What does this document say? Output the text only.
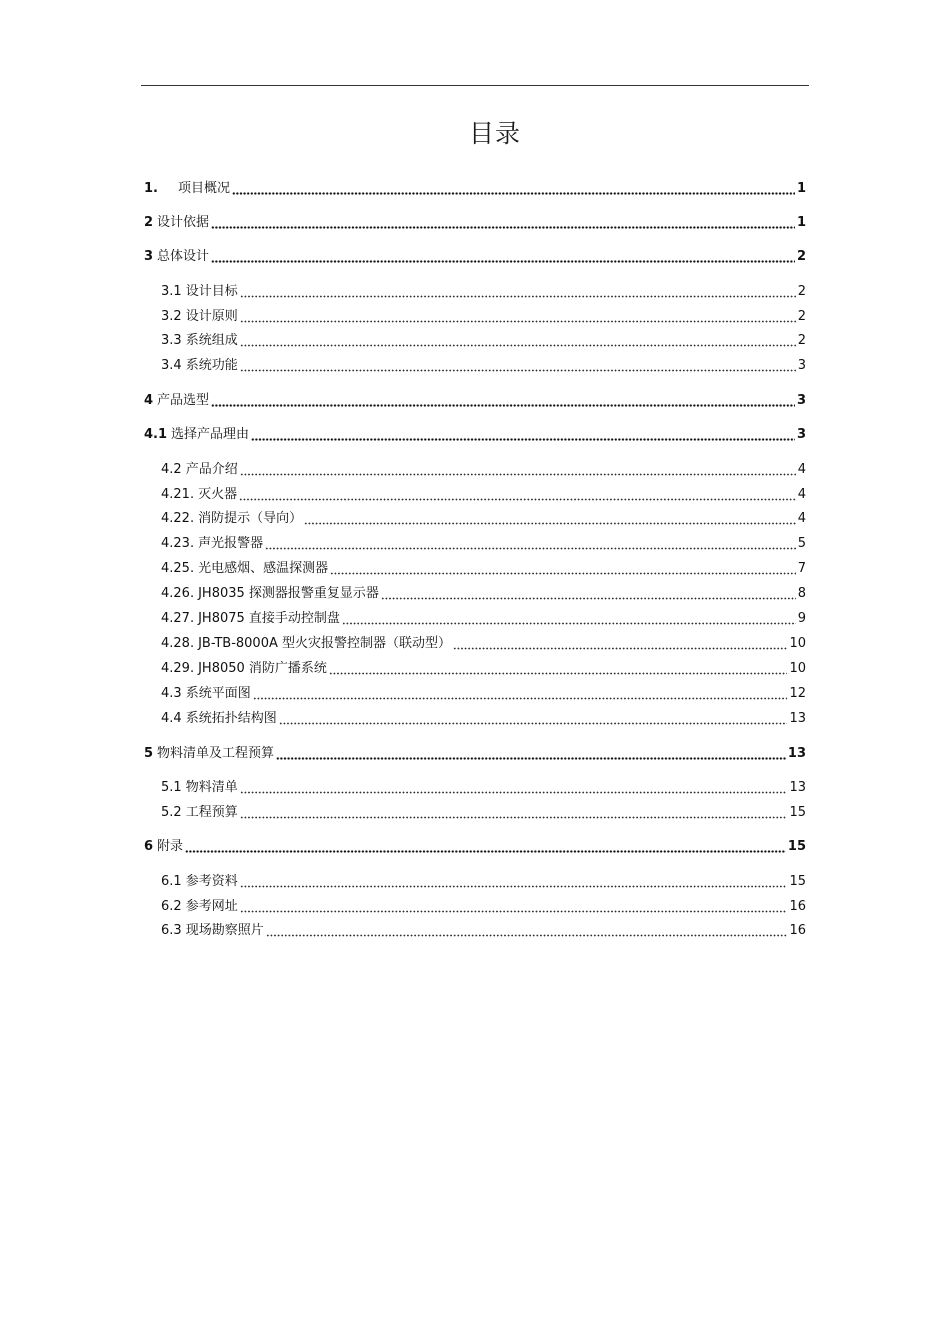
目录
1.	项目概况	1
2 设计依据	1
3 总体设计	2
3.1 设计目标	2
3.2 设计原则	2
3.3 系统组成	2
3.4 系统功能	3
4 产品选型	3
4.1 选择产品理由	3
4.2 产品介绍	4
4.21. 灭火器	4
4.22. 消防提示（导向）	4
4.23. 声光报警器	5
4.25. 光电感烟、感温探测器	7
4.26. JH8035 探测器报警重复显示器	8
4.27. JH8075 直接手动控制盘	9
4.28. JB-TB-8000A 型火灾报警控制器（联动型）	10
4.29. JH8050 消防广播系统	10
4.3 系统平面图	12
4.4 系统拓扑结构图	13
5 物料清单及工程预算	13
5.1 物料清单	13
5.2 工程预算	15
6 附录	15
6.1 参考资料	15
6.2 参考网址	16
6.3 现场勘察照片	16
